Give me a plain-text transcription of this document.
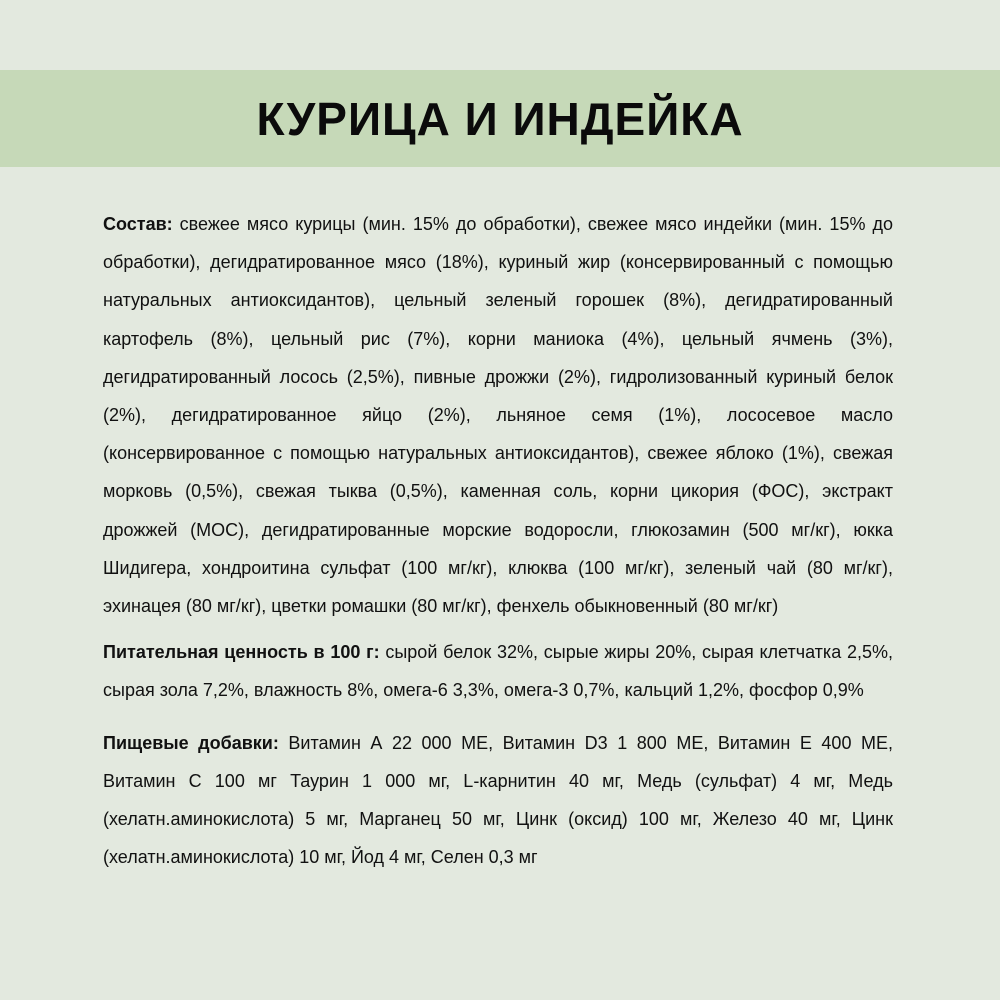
КУРИЦА И ИНДЕЙКА

Состав: свежее мясо курицы (мин. 15% до обработки), свежее мясо индейки (мин. 15% до обработки), дегидратированное мясо (18%), куриный жир (консервированный с помощью натуральных антиоксидантов), цельный зеленый горошек (8%), дегидратированный картофель (8%), цельный рис (7%), корни маниока (4%), цельный ячмень (3%), дегидратированный лосось (2,5%), пивные дрожжи (2%), гидролизованный куриный белок (2%), дегидратированное яйцо (2%), льняное семя (1%), лососевое масло (консервированное с помощью натуральных антиоксидантов), свежее яблоко (1%), свежая морковь (0,5%), свежая тыква (0,5%), каменная соль, корни цикория (ФОС), экстракт дрожжей (МОС), дегидратированные морские водоросли, глюкозамин (500 мг/кг), юкка Шидигера, хондроитина сульфат (100 мг/кг), клюква (100 мг/кг), зеленый чай (80 мг/кг), эхинацея (80 мг/кг), цветки ромашки (80 мг/кг), фенхель обыкновенный (80 мг/кг)

Питательная ценность в 100 г: сырой белок 32%, сырые жиры 20%, сырая клетчатка 2,5%, сырая зола 7,2%, влажность 8%, омега-6 3,3%, омега-3 0,7%, кальций 1,2%, фосфор 0,9%

Пищевые добавки: Витамин А 22 000 МЕ, Витамин D3 1 800 МЕ, Витамин Е 400 МЕ, Витамин С 100 мг Таурин 1 000 мг, L-карнитин 40 мг, Медь (сульфат) 4 мг, Медь (хелатн.аминокислота) 5 мг, Марганец 50 мг, Цинк (оксид) 100 мг, Железо 40 мг, Цинк (хелатн.аминокислота) 10 мг, Йод 4 мг, Селен 0,3 мг
